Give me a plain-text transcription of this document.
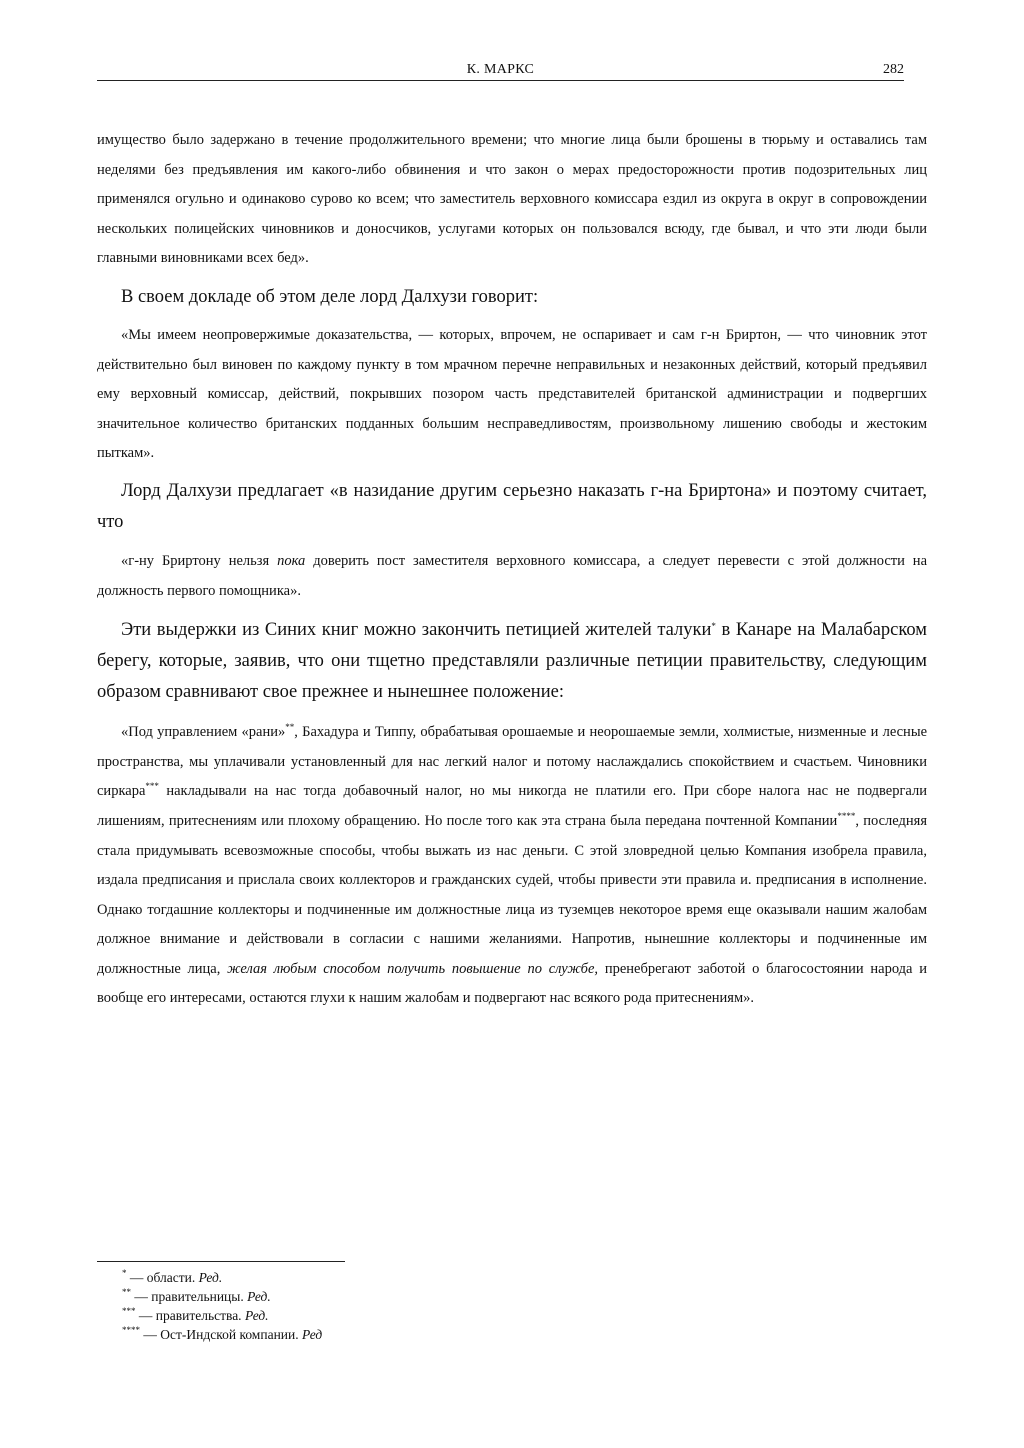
К. МАРКС	282

имущество было задержано в течение продолжительного времени; что многие лица были брошены в тюрьму и оставались там неделями без предъявления им какого-либо обвинения и что закон о мерах предосторожности против подозрительных лиц применялся огульно и одинаково сурово ко всем; что заместитель верховного комиссара ездил из округа в округ в сопровождении нескольких полицейских чиновников и доносчиков, услугами которых он пользовался всюду, где бывал, и что эти люди были главными виновниками всех бед».

В своем докладе об этом деле лорд Далхузи говорит:

«Мы имеем неопровержимые доказательства, — которых, впрочем, не оспаривает и сам г-н Бриртон, — что чиновник этот действительно был виновен по каждому пункту в том мрачном перечне неправильных и незаконных действий, который предъявил ему верховный комиссар, действий, покрывших позором часть представителей британской администрации и подвергших значительное количество британских подданных большим несправедливостям, произвольному лишению свободы и жестоким пыткам».

Лорд Далхузи предлагает «в назидание другим серьезно наказать г-на Бриртона» и поэтому считает, что

«г-ну Бриртону нельзя пока доверить пост заместителя верховного комиссара, а следует перевести с этой должности на должность первого помощника».

Эти выдержки из Синих книг можно закончить петицией жителей талуки* в Канаре на Малабарском берегу, которые, заявив, что они тщетно представляли различные петиции правительству, следующим образом сравнивают свое прежнее и нынешнее положение:

«Под управлением «рани»**, Бахадура и Типпу, обрабатывая орошаемые и неорошаемые земли, холмистые, низменные и лесные пространства, мы уплачивали установленный для нас легкий налог и потому наслаждались спокойствием и счастьем. Чиновники сиркара*** накладывали на нас тогда добавочный налог, но мы никогда не платили его. При сборе налога нас не подвергали лишениям, притеснениям или плохому обращению. Но после того как эта страна была передана почтенной Компании****, последняя стала придумывать всевозможные способы, чтобы выжать из нас деньги. С этой зловредной целью Компания изобрела правила, издала предписания и прислала своих коллекторов и гражданских судей, чтобы привести эти правила и. предписания в исполнение. Однако тогдашние коллекторы и подчиненные им должностные лица из туземцев некоторое время еще оказывали нашим жалобам должное внимание и действовали в согласии с нашими желаниями. Напротив, нынешние коллекторы и подчиненные им должностные лица, желая любым способом получить повышение по службе, пренебрегают заботой о благосостоянии народа и вообще его интересами, остаются глухи к нашим жалобам и подвергают нас всякого рода притеснениям».

* — области. Ред.
** — правительницы. Ред.
*** — правительства. Ред.
**** — Ост-Индской компании. Ред
